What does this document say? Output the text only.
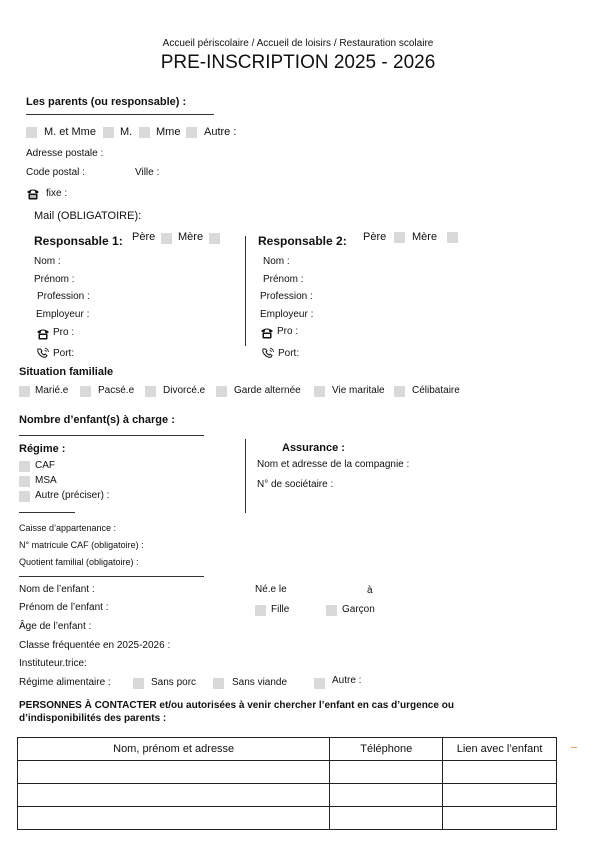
Accueil périscolaire / Accueil de loisirs / Restauration scolaire
PRE-INSCRIPTION 2025 - 2026
Les parents (ou responsable) :
M. et Mme M. Mme Autre :
Adresse postale :
Code postal :	Ville :
fixe :
Mail (OBLIGATOIRE):
Responsable 1: Père Mère
Nom :
Prénom :
Profession :
Employeur :
Pro :
Port:
Responsable 2: Père Mère
Nom :
Prénom :
Profession :
Employeur :
Pro :
Port:
Situation familiale
Marié.e	Pacsé.e	Divorcé.e	Garde alternée	Vie maritale	Célibataire
Nombre d’enfant(s) à charge :
Régime :
CAF
MSA
Autre (préciser) :
Assurance :
Nom et adresse de la compagnie :
N° de sociétaire :
Caisse d’appartenance :
N° matricule CAF (obligatoire) :
Quotient familial (obligatoire) :
Nom de l’enfant :	Né.e le	à
Prénom de l’enfant :	Fille	Garçon
Âge de l’enfant :
Classe fréquentée en 2025-2026 :
Instituteur.trice:
Régime alimentaire :	Sans porc	Sans viande	Autre :
PERSONNES À CONTACTER et/ou autorisées à venir chercher l’enfant en cas d’urgence ou
d’indisponibilités des parents :
Nom, prénom et adresse	Téléphone	Lien avec l’enfant
